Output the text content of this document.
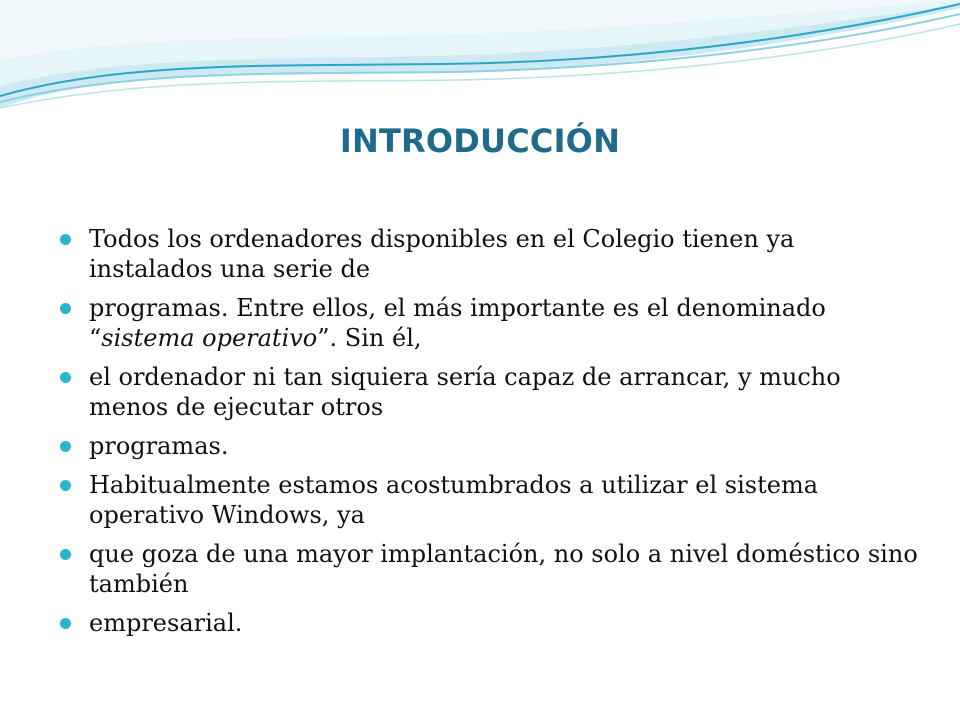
INTRODUCCIÓN
Todos los ordenadores disponibles en el Colegio tienen ya instalados una serie de
programas. Entre ellos, el más importante es el denominado “sistema operativo”. Sin él,
el ordenador ni tan siquiera sería capaz de arrancar, y mucho menos de ejecutar otros
programas.
Habitualmente estamos acostumbrados a utilizar el sistema operativo Windows, ya
que goza de una mayor implantación, no solo a nivel doméstico sino también
empresarial.
